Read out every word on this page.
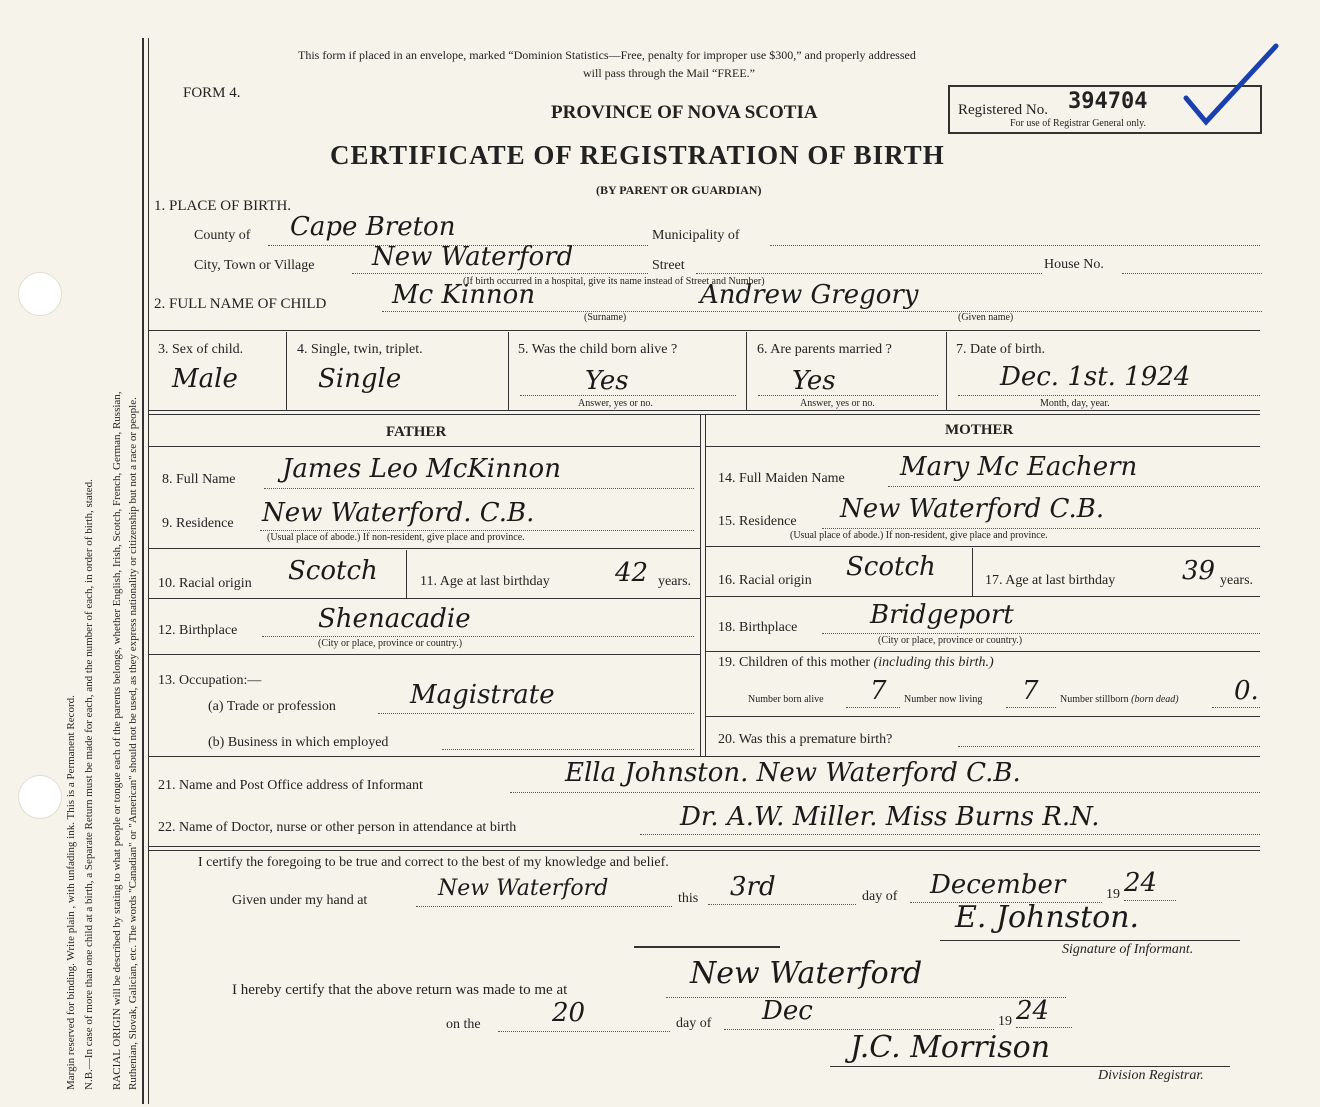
Margin reserved for binding. Write plain , with unfading ink. This is a Permanent Record. N.B.—In case of more than one child at a birth, a Separate Return must be made for each, and the number of each, in order of birth, stated. RACIAL ORIGIN will be described by stating to what people or tongue each of the parents belongs, whether English, Irish, Scotch, French, German, Russian, Ruthenian, Slovak, Galician, etc. The words "Canadian" or "American" should not be used, as they express nationality or citizenship but not a race or people.
This form if placed in an envelope, marked “Dominion Statistics—Free, penalty for improper use $300,” and properly addressed
will pass through the Mail “FREE.”
FORM 4.
PROVINCE OF NOVA SCOTIA	Registered No. 394704
For use of Registrar General only.
CERTIFICATE OF REGISTRATION OF BIRTH
(BY PARENT OR GUARDIAN)
1. PLACE OF BIRTH.
County of Cape Breton	Municipality of
City, Town or Village New Waterford	Street	House No.
(If birth occurred in a hospital, give its name instead of Street and Number)
2. FULL NAME OF CHILD	Mc Kinnon	Andrew Gregory
(Surname)	(Given name)
3. Sex of child.
Male
4. Single, twin, triplet.
Single
5. Was the child born alive ?
Yes
Answer, yes or no.
6. Are parents married ?
Yes
Answer, yes or no.
7. Date of birth.
Dec. 1st. 1924
Month, day, year.
FATHER	MOTHER
8. Full Name James Leo McKinnon
9. Residence New Waterford. C.B.
(Usual place of abode.) If non-resident, give place and province.
10. Racial origin Scotch	11. Age at last birthday	42 years.
12. Birthplace	Shenacadie
(City or place, province or country.)
13. Occupation:—
(a) Trade or profession	Magistrate
(b) Business in which employed
14. Full Maiden Name Mary Mc Eachern
15. Residence New Waterford C.B.
(Usual place of abode.) If non-resident, give place and province.
16. Racial origin Scotch	17. Age at last birthday	39 years.
18. Birthplace	Bridgeport
(City or place, province or country.)
19. Children of this mother (including this birth.)
Number born alive 7 Number now living 7 Number stillborn (born dead) 0.
20. Was this a premature birth?
21. Name and Post Office address of Informant	Ella Johnston. New Waterford C.B.
22. Name of Doctor, nurse or other person in attendance at birth	Dr. A.W. Miller. Miss Burns R.N.
I certify the foregoing to be true and correct to the best of my knowledge and belief.
Given under my hand at	New Waterford	this 3rd	day of December	19 24
E. Johnston.
Signature of Informant.
I hereby certify that the above return was made to me at	New Waterford
on the	20	day of Dec	19 24
J.C. Morrison
Division Registrar.
